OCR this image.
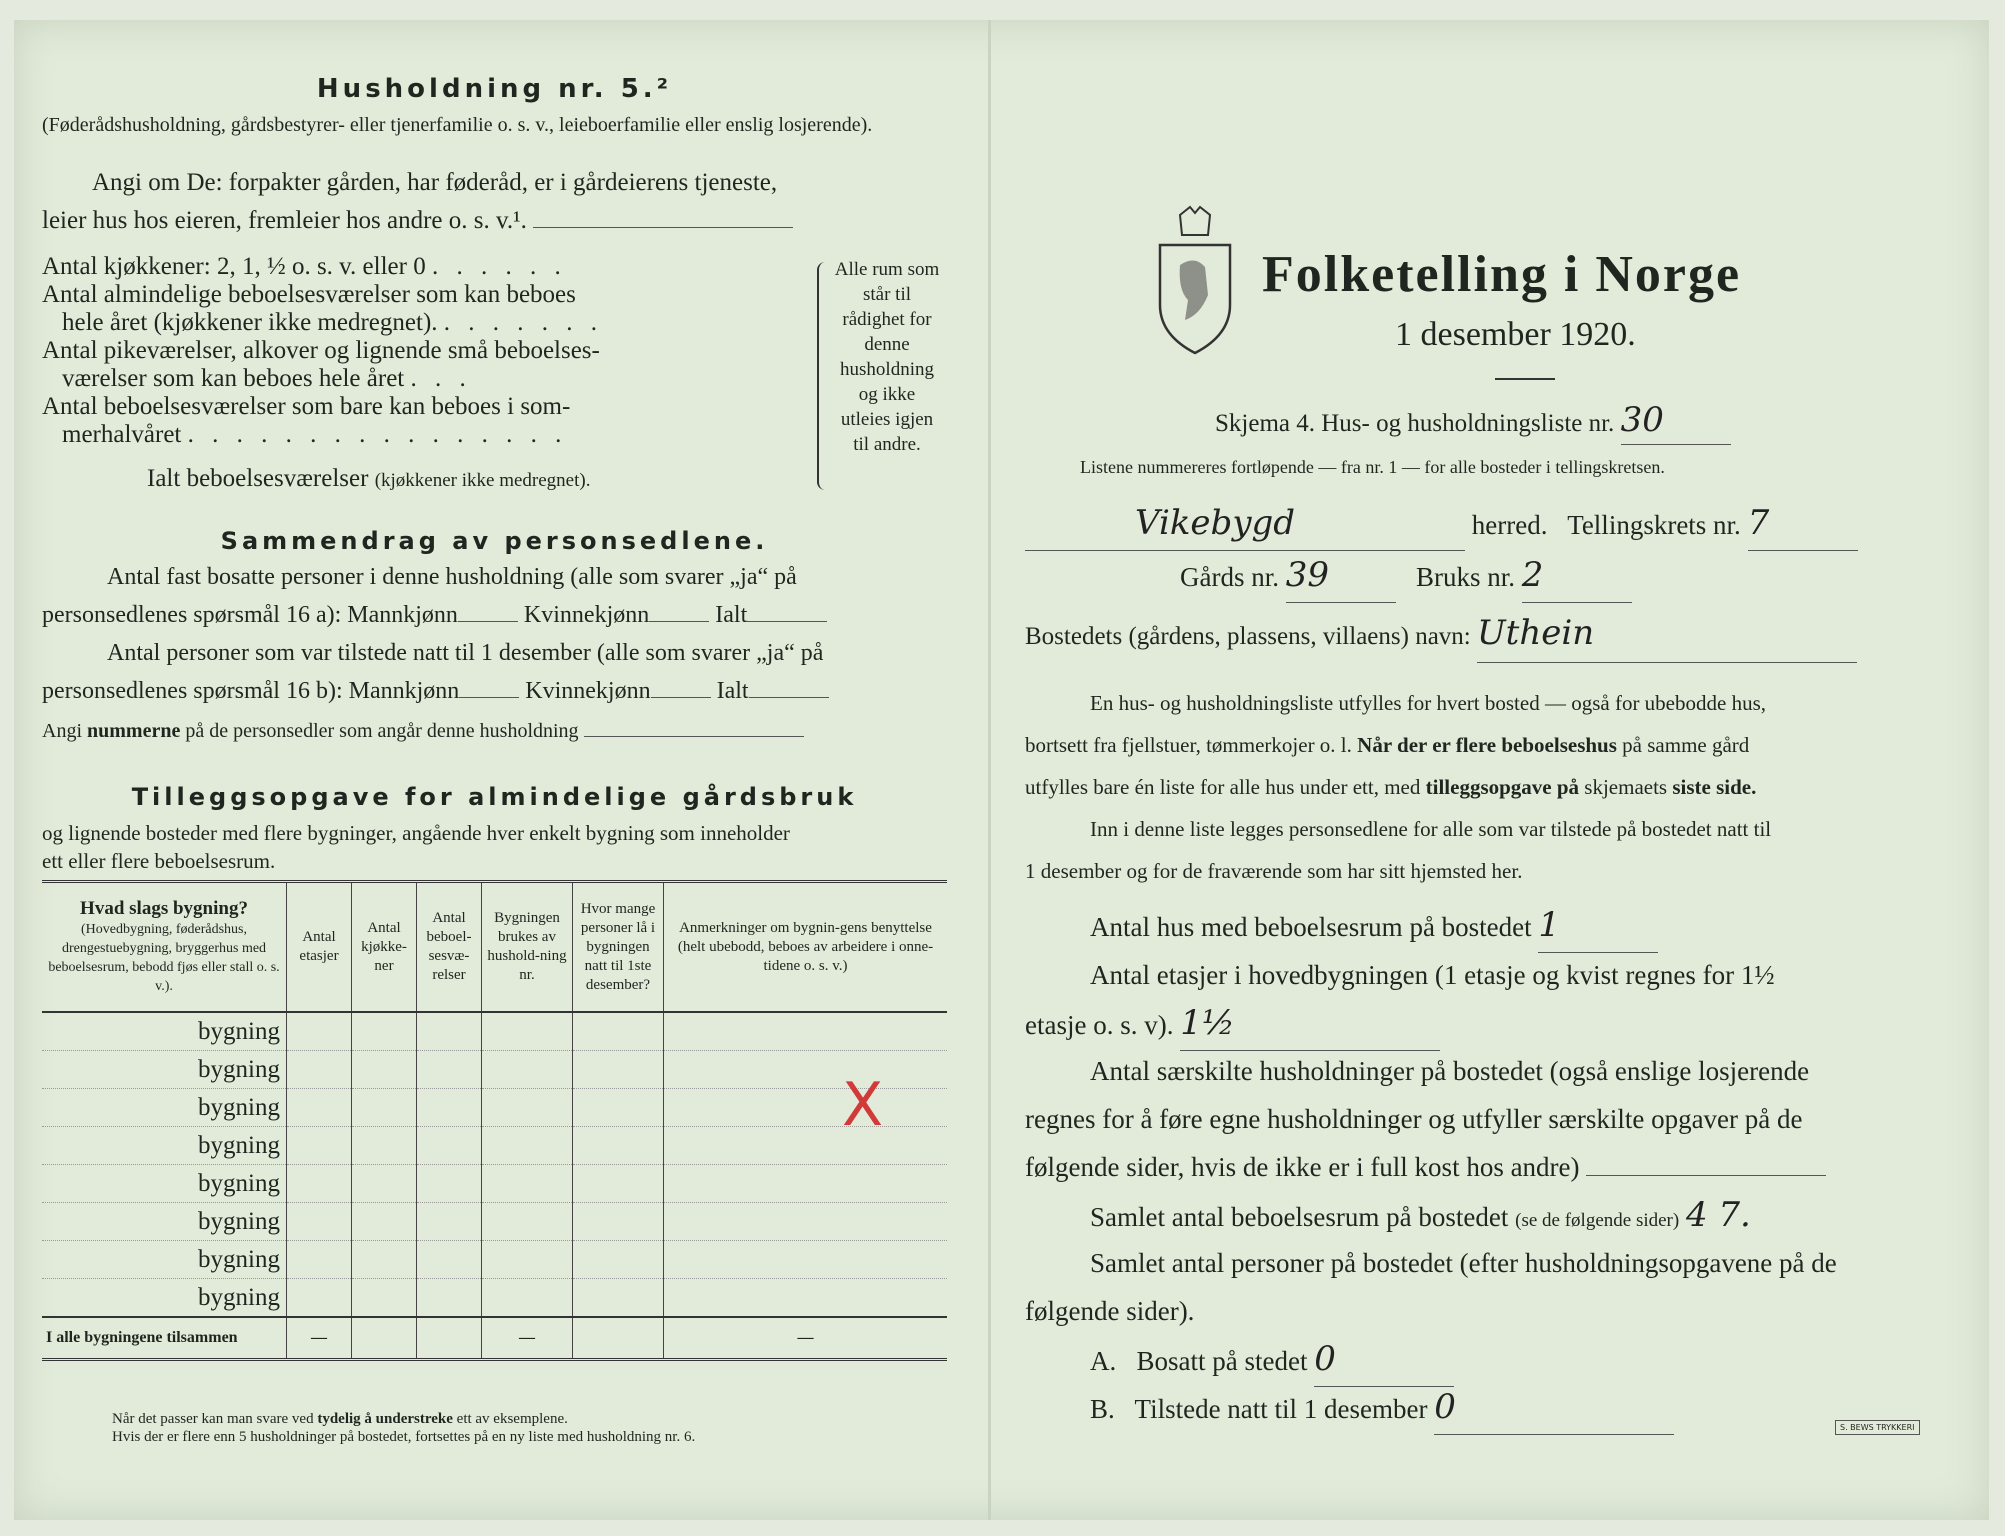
Husholdning nr. 5.²
(Føderådshusholdning, gårdsbestyrer- eller tjenerfamilie o. s. v., leieboerfamilie eller enslig losjerende).
Angi om De: forpakter gården, har føderåd, er i gårdeierens tjeneste,
leier hus hos eieren, fremleier hos andre o. s. v.¹.
Antal kjøkkener: 2, 1, ½ o. s. v. eller 0 . . . . . .
Antal almindelige beboelsesværelser som kan beboes
hele året (kjøkkener ikke medregnet). . . . . . . .
Antal pikeværelser, alkover og lignende små beboelses-
værelser som kan beboes hele året . . .
Antal beboelsesværelser som bare kan beboes i som-
merhalvåret . . . . . . . . . . . . . . . .
Ialt beboelsesværelser (kjøkkener ikke medregnet).
Alle rum som står til rådighet for denne husholdning og ikke utleies igjen til andre.
Sammendrag av personsedlene.
Antal fast bosatte personer i denne husholdning (alle som svarer „ja“ på
personsedlenes spørsmål 16 a): Mannkjønn	Kvinnekjønn	Ialt
Antal personer som var tilstede natt til 1 desember (alle som svarer „ja“ på
personsedlenes spørsmål 16 b): Mannkjønn	Kvinnekjønn	Ialt
Angi nummerne på de personsedler som angår denne husholdning
Tilleggsopgave for almindelige gårdsbruk
og lignende bosteder med flere bygninger, angående hver enkelt bygning som inneholder
ett eller flere beboelsesrum.
Hvad slags bygning?
(Hovedbygning, føderådshus, drengestuebygning, bryggerhus med beboelsesrum, bebodd fjøs eller stall o. s. v.).	Antal etasjer	Antal kjøkke-ner	Antal beboel-sesvæ-relser	Bygningen brukes av hushold-ning nr.	Hvor mange personer lå i bygningen natt til 1ste desember?	Anmerkninger om bygnin-gens benyttelse (helt ubebodd, beboes av arbeidere i onne-tidene o. s. v.)
bygning						
bygning						
bygning						
bygning						
bygning						
bygning						
bygning						
bygning						
I alle bygningene tilsammen	—			—		—
X
Når det passer kan man svare ved tydelig å understreke ett av eksemplene.
Hvis der er flere enn 5 husholdninger på bostedet, fortsettes på en ny liste med husholdning nr. 6.
Folketelling i Norge
1 desember 1920.
Skjema 4. Hus- og husholdningsliste nr. 30
Listene nummereres fortløpende — fra nr. 1 — for alle bosteder i tellingskretsen.
Vikebygd	herred. Tellingskrets nr. 7
Gårds nr. 39	Bruks nr. 2
Bostedets (gårdens, plassens, villaens) navn: Uthein
En hus- og husholdningsliste utfylles for hvert bosted — også for ubebodde hus,
bortsett fra fjellstuer, tømmerkojer o. l. Når der er flere beboelseshus på samme gård
utfylles bare én liste for alle hus under ett, med tilleggsopgave på skjemaets siste side.
Inn i denne liste legges personsedlene for alle som var tilstede på bostedet natt til
1 desember og for de fraværende som har sitt hjemsted her.
Antal hus med beboelsesrum på bostedet 1
Antal etasjer i hovedbygningen (1 etasje og kvist regnes for 1½
etasje o. s. v). 1½
Antal særskilte husholdninger på bostedet (også enslige losjerende
regnes for å føre egne husholdninger og utfyller særskilte opgaver på de
følgende sider, hvis de ikke er i full kost hos andre)
Samlet antal beboelsesrum på bostedet (se de følgende sider) 4 7.
Samlet antal personer på bostedet (efter husholdningsopgavene på de
følgende sider).
A. Bosatt på stedet 0
B. Tilstede natt til 1 desember 0
S. BEWS TRYKKERI
